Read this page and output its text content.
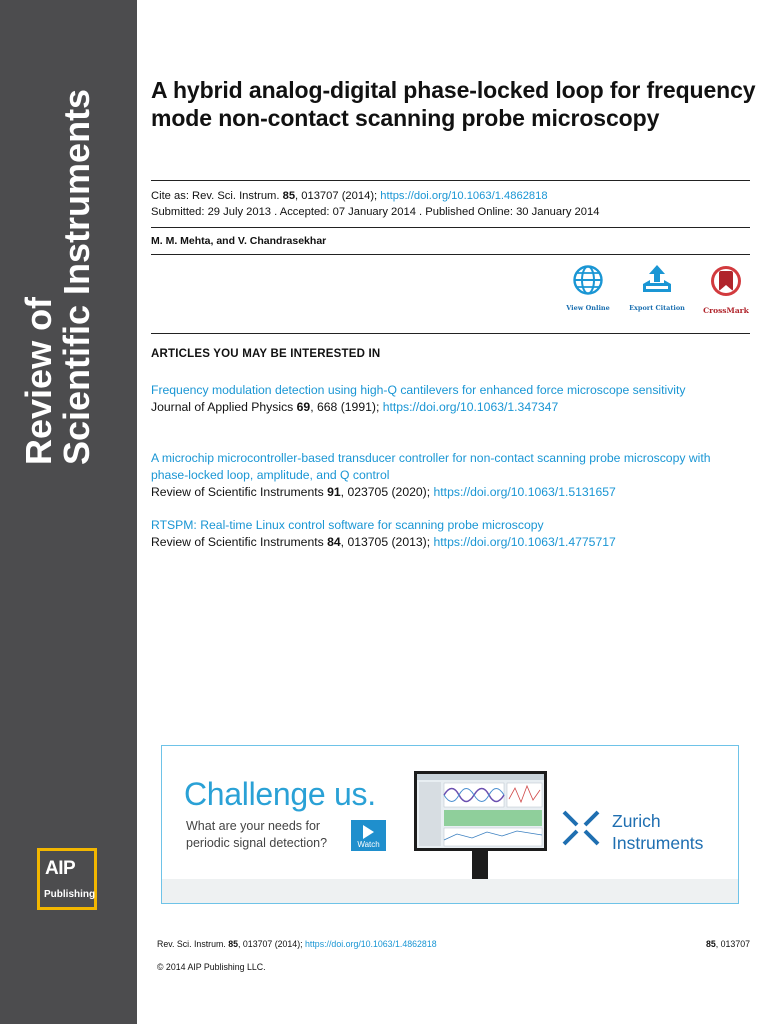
Review of
Scientific Instruments
AIP
Publishing
A hybrid analog-digital phase-locked loop for frequency mode non-contact scanning probe microscopy
Cite as: Rev. Sci. Instrum. 85, 013707 (2014); https://doi.org/10.1063/1.4862818
Submitted: 29 July 2013 . Accepted: 07 January 2014 . Published Online: 30 January 2014
M. M. Mehta, and V. Chandrasekhar
View Online	Export Citation	CrossMark
ARTICLES YOU MAY BE INTERESTED IN
Frequency modulation detection using high-Q cantilevers for enhanced force microscope sensitivity
Journal of Applied Physics 69, 668 (1991); https://doi.org/10.1063/1.347347
A microchip microcontroller-based transducer controller for non-contact scanning probe microscopy with phase-locked loop, amplitude, and Q control
Review of Scientific Instruments 91, 023705 (2020); https://doi.org/10.1063/1.5131657
RTSPM: Real-time Linux control software for scanning probe microscopy
Review of Scientific Instruments 84, 013705 (2013); https://doi.org/10.1063/1.4775717
Challenge us.
What are your needs for
periodic signal detection?	Watch
Zurich
Instruments
Rev. Sci. Instrum. 85, 013707 (2014); https://doi.org/10.1063/1.4862818	85, 013707
© 2014 AIP Publishing LLC.
